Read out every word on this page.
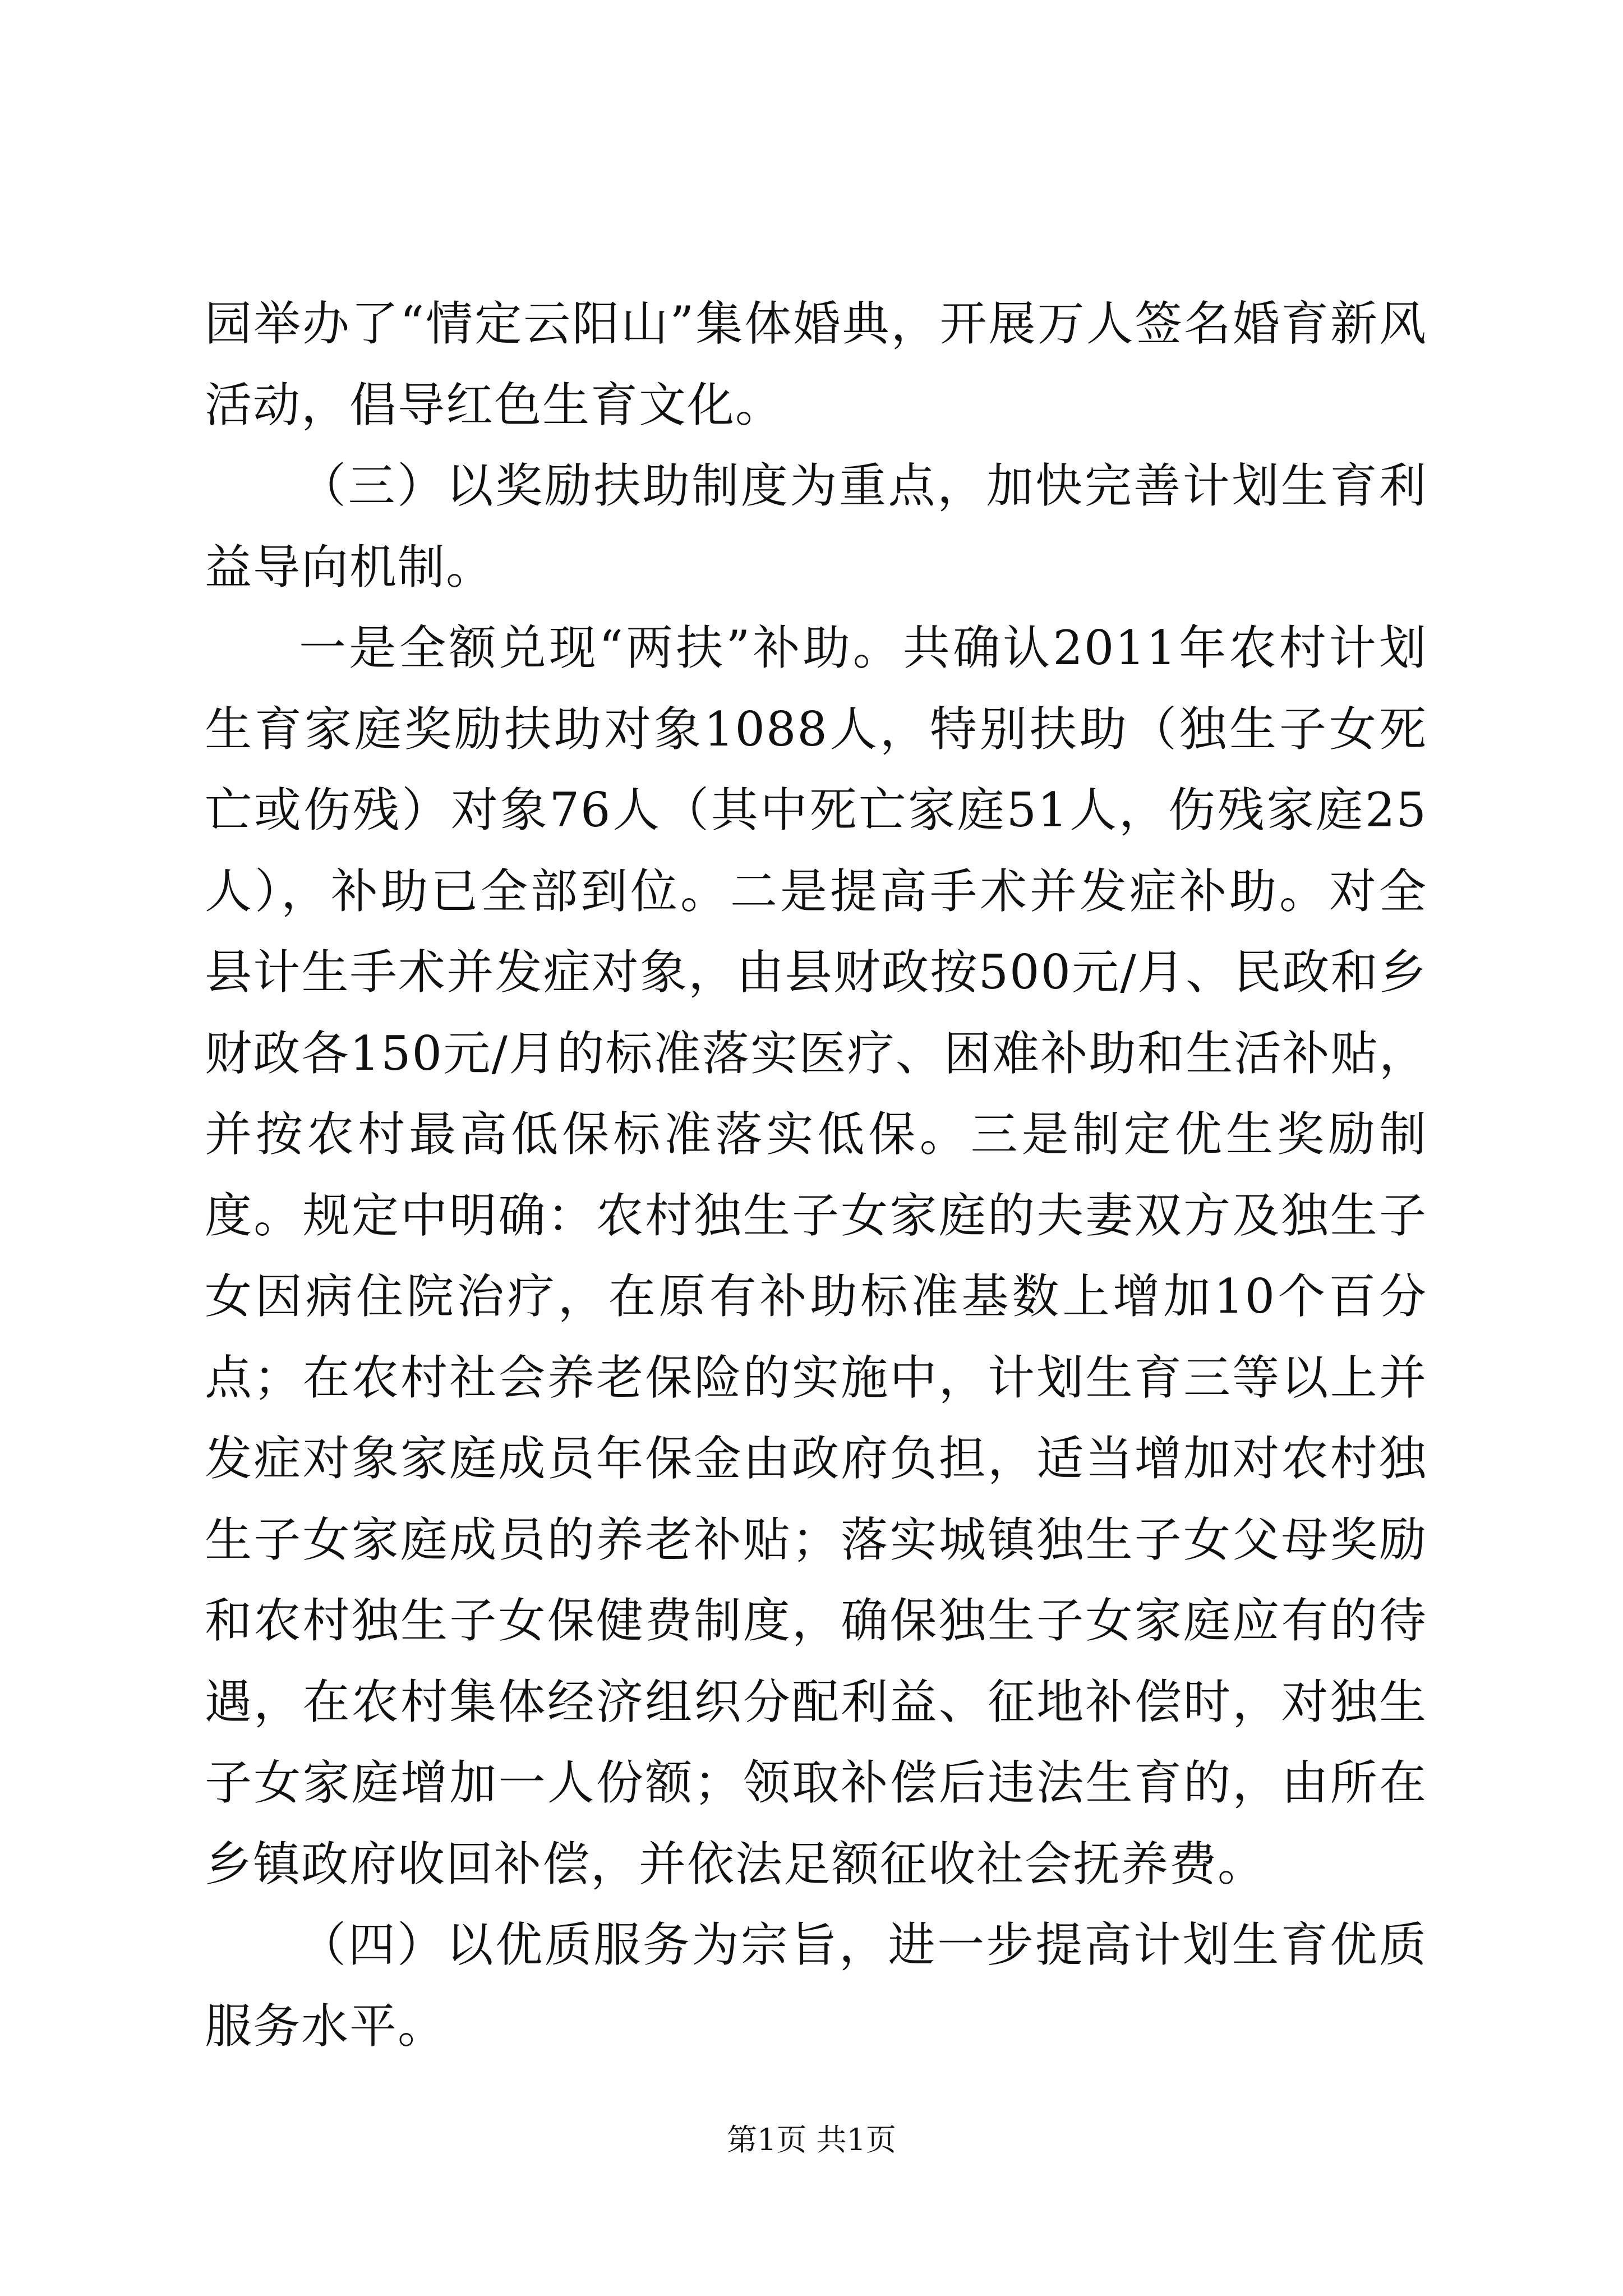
园举办了“情定云阳山”集体婚典，开展万人签名婚育新风活动，倡导红色生育文化。

（三）以奖励扶助制度为重点，加快完善计划生育利益导向机制。

一是全额兑现“两扶”补助。共确认2011年农村计划生育家庭奖励扶助对象1088人，特别扶助（独生子女死亡或伤残）对象76人（其中死亡家庭51人，伤残家庭25人），补助已全部到位。二是提高手术并发症补助。对全县计生手术并发症对象，由县财政按500元/月、民政和乡财政各150元/月的标准落实医疗、困难补助和生活补贴，并按农村最高低保标准落实低保。三是制定优生奖励制度。规定中明确：农村独生子女家庭的夫妻双方及独生子女因病住院治疗，在原有补助标准基数上增加10个百分点；在农村社会养老保险的实施中，计划生育三等以上并发症对象家庭成员年保金由政府负担，适当增加对农村独生子女家庭成员的养老补贴；落实城镇独生子女父母奖励和农村独生子女保健费制度，确保独生子女家庭应有的待遇，在农村集体经济组织分配利益、征地补偿时，对独生子女家庭增加一人份额；领取补偿后违法生育的，由所在乡镇政府收回补偿，并依法足额征收社会抚养费。

（四）以优质服务为宗旨，进一步提高计划生育优质服务水平。

第1页 共1页
